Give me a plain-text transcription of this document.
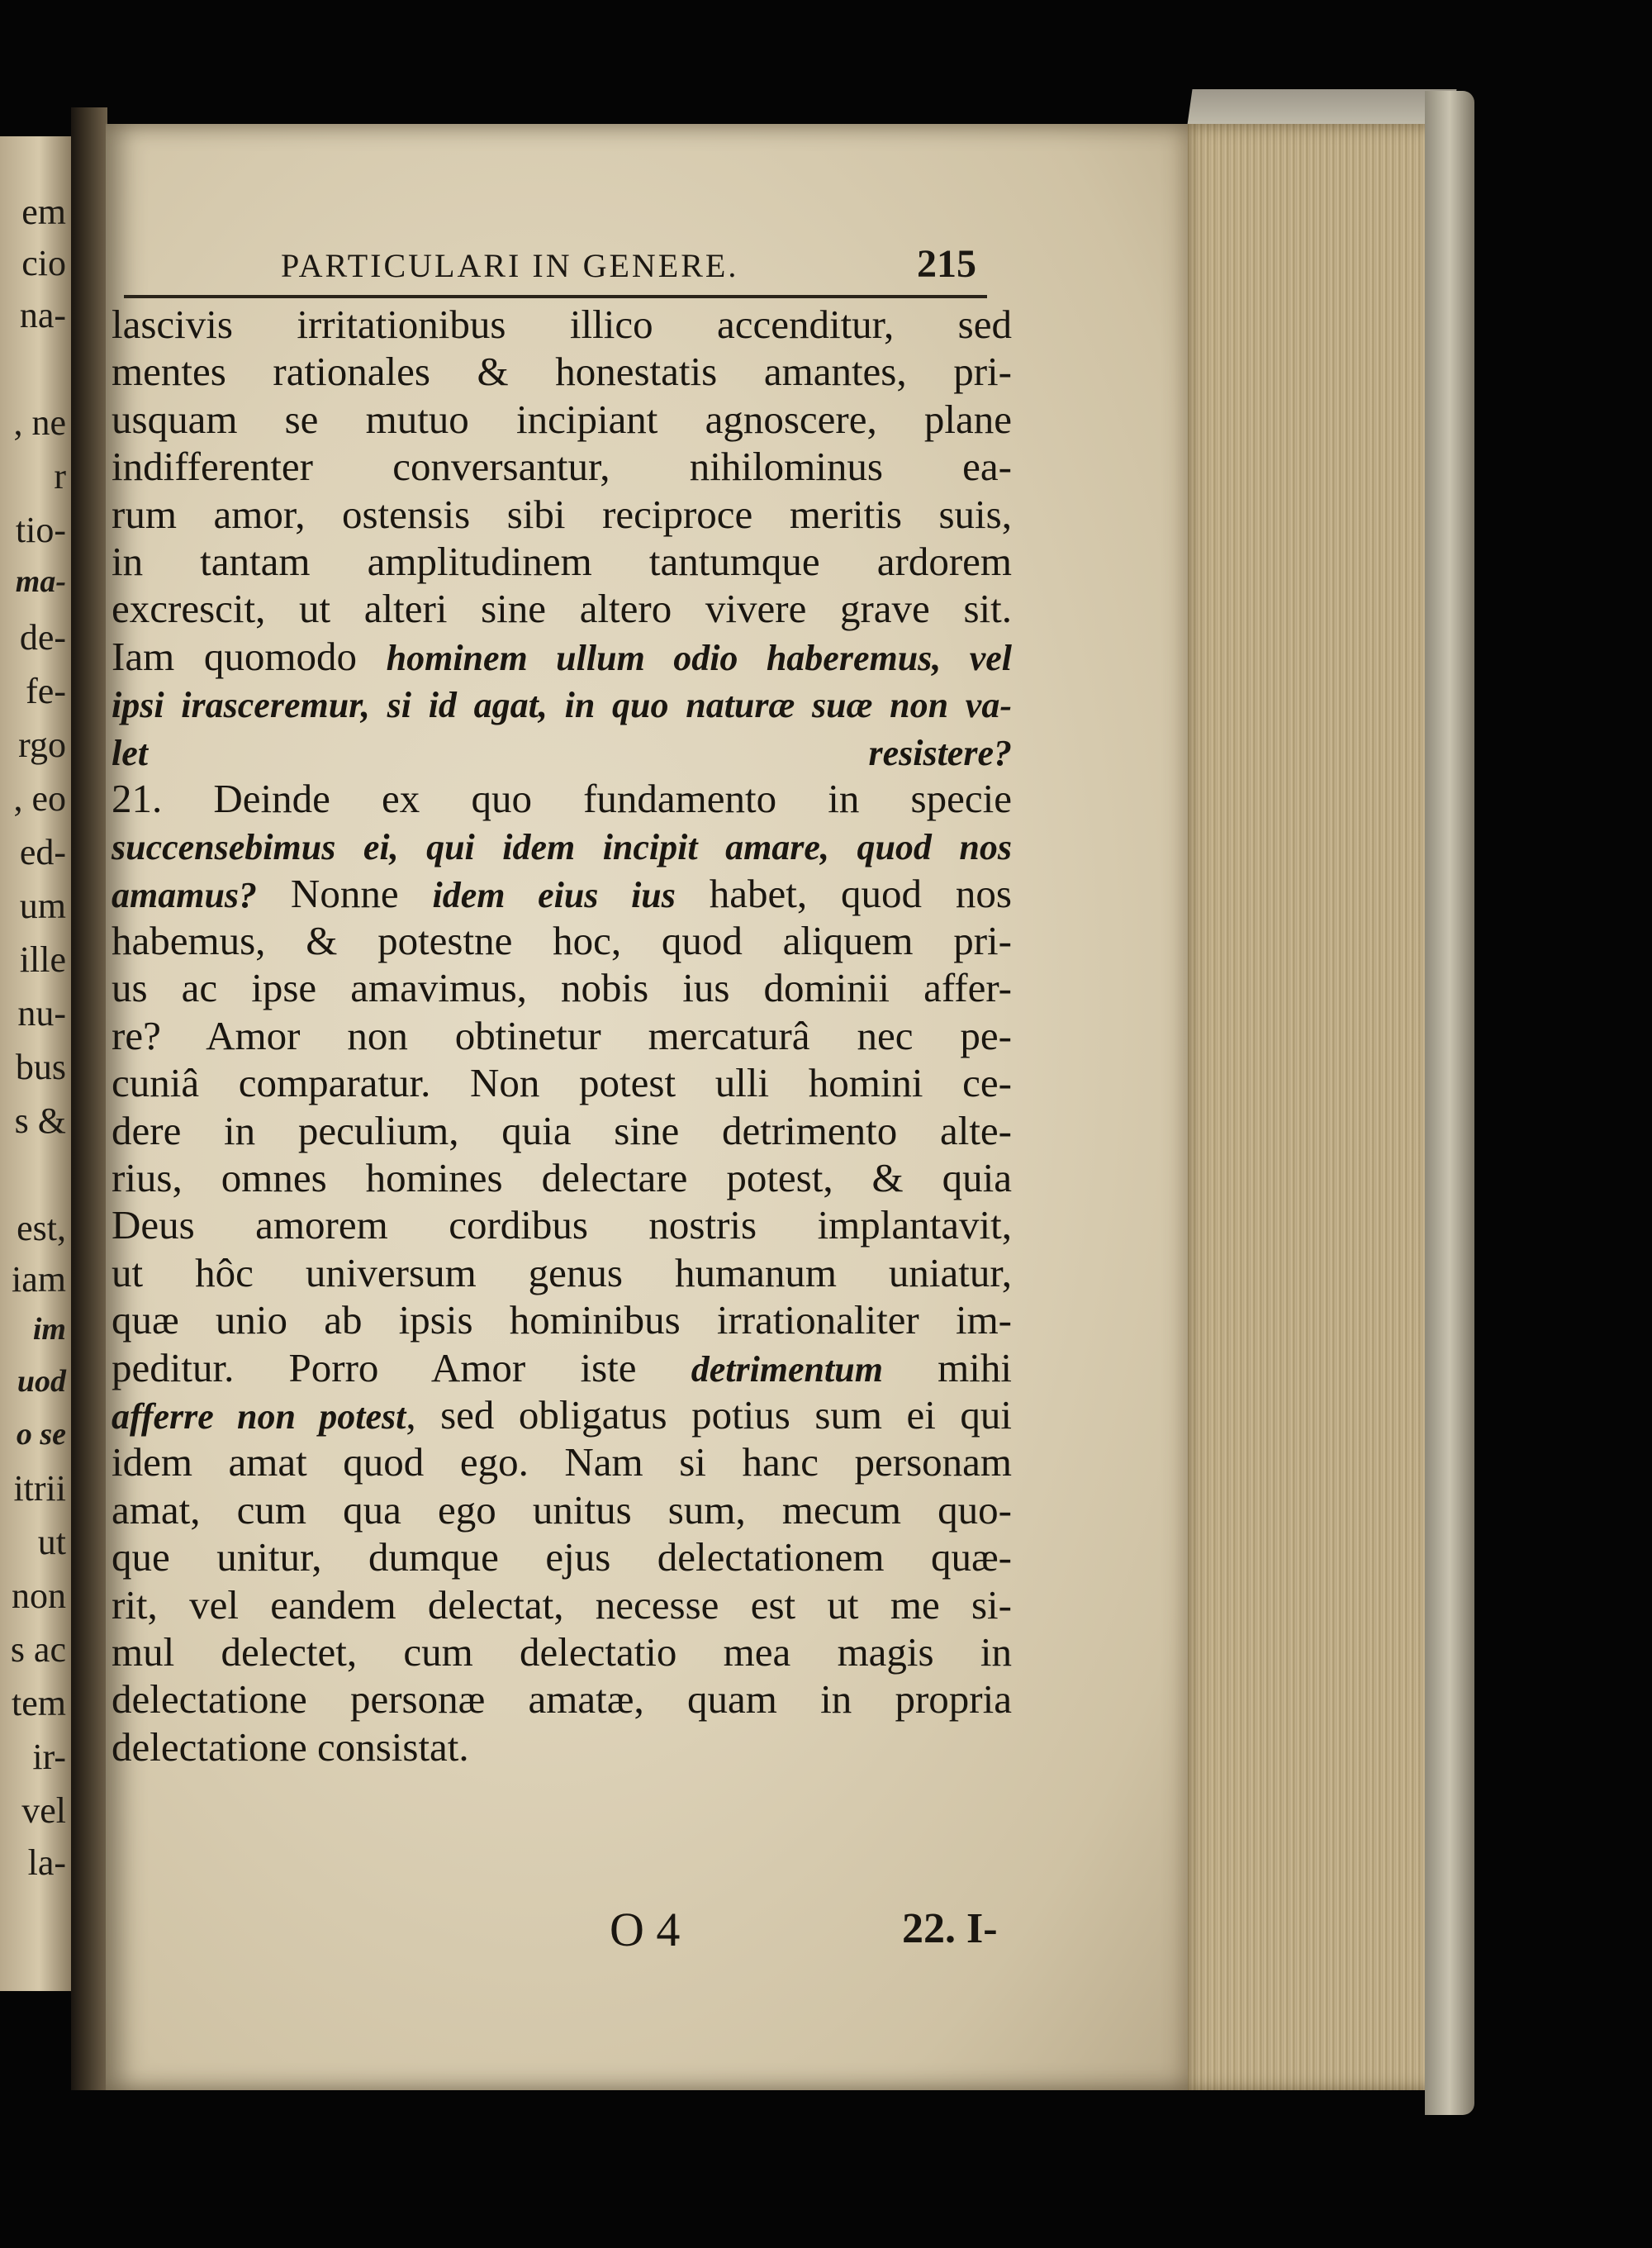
em
cio
na-
, ne
r
tio-
ma-
de-
fe-
rgo
, eo
ed-
um
ille
nu-
bus
s &
est,
iam
im
uod
o se
itrii
ut
non
s ac
tem
ir-
vel
la-
PARTICULARI IN GENERE.	215
lascivis irritationibus illico accenditur, sed
mentes rationales & honestatis amantes, pri-
usquam se mutuo incipiant agnoscere, plane
indifferenter conversantur, nihilominus ea-
rum amor, ostensis sibi reciproce meritis suis,
in tantam amplitudinem tantumque ardorem
excrescit, ut alteri sine altero vivere grave sit.
Iam quomodo hominem ullum odio haberemus, vel
ipsi irasceremur, si id agat, in quo naturæ suæ non va-
let resistere?
21. Deinde ex quo fundamento in specie
succensebimus ei, qui idem incipit amare, quod nos
amamus? Nonne idem eius ius habet, quod nos
habemus, & potestne hoc, quod aliquem pri-
us ac ipse amavimus, nobis ius dominii affer-
re? Amor non obtinetur mercaturâ nec pe-
cuniâ comparatur. Non potest ulli homini ce-
dere in peculium, quia sine detrimento alte-
rius, omnes homines delectare potest, & quia
Deus amorem cordibus nostris implantavit,
ut hôc universum genus humanum uniatur,
quæ unio ab ipsis hominibus irrationaliter im-
peditur. Porro Amor iste detrimentum mihi
afferre non potest, sed obligatus potius sum ei qui
idem amat quod ego. Nam si hanc personam
amat, cum qua ego unitus sum, mecum quo-
que unitur, dumque ejus delectationem quæ-
rit, vel eandem delectat, necesse est ut me si-
mul delectet, cum delectatio mea magis in
delectatione personæ amatæ, quam in propria
delectatione consistat.
O 4	22. I-
